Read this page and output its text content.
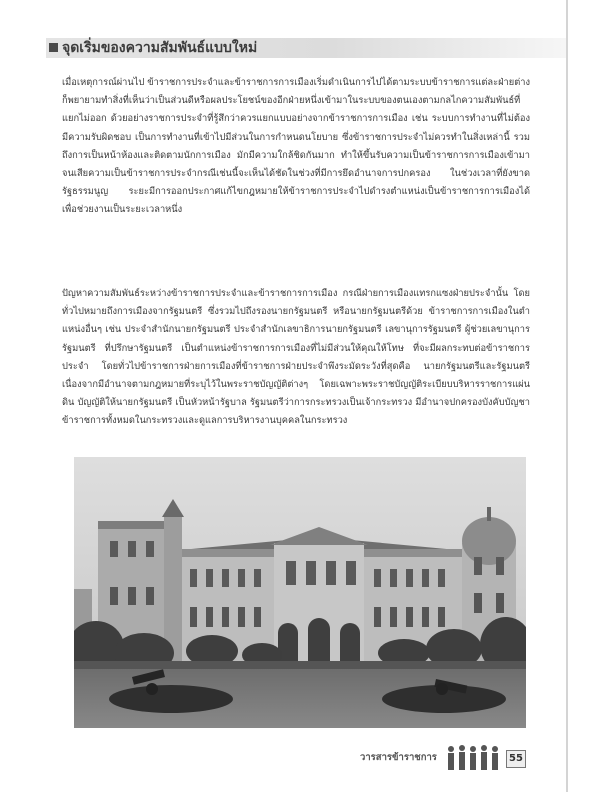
จุดเริ่มของความสัมพันธ์แบบใหม่

เมื่อเหตุการณ์ผ่านไป ข้าราชการประจำและข้าราชการการเมืองเริ่มดำเนินการไปได้ตามระบบข้าราชการแต่ละฝ่ายต่างก็พยายามทำสิ่งที่เห็นว่าเป็นส่วนดีหรือผลประโยชน์ของอีกฝ่ายหนึ่งเข้ามาในระบบของตนเองตามกลไกความสัมพันธ์ที่แยกไม่ออก ด้วยอย่างราชการประจำที่รู้สึกว่าควรแยกแบบอย่างจากข้าราชการการเมือง เช่น ระบบการทำงานที่ไม่ต้องมีความรับผิดชอบ เป็นการทำงานที่เข้าไปมีส่วนในการกำหนดนโยบาย ซึ่งข้าราชการประจำไม่ควรทำในสิ่งเหล่านี้ รวมถึงการเป็นหน้าห้องและติดตามนักการเมือง มักมีความใกล้ชิดกันมาก ทำให้ขึ้นรับความเป็นข้าราชการการเมืองเข้ามาจนเสียความเป็นข้าราชการประจำกรณีเช่นนี้จะเห็นได้ชัดในช่วงที่มีการยึดอำนาจการปกครอง ในช่วงเวลาที่ยังขาดรัฐธรรมนูญ ระยะมีการออกประกาศแก้ไขกฎหมายให้ข้าราชการประจำไปดำรงตำแหน่งเป็นข้าราชการการเมืองได้ เพื่อช่วยงานเป็นระยะเวลาหนึ่ง

ปัญหาความสัมพันธ์ระหว่างข้าราชการประจำและข้าราชการการเมือง กรณีฝ่ายการเมืองแทรกแซงฝ่ายประจำนั้น โดยทั่วไปหมายถึงการเมืองจากรัฐมนตรี ซึ่งรวมไปถึงรองนายกรัฐมนตรี หรือนายกรัฐมนตรีด้วย ข้าราชการการเมืองในตำแหน่งอื่นๆ เช่น ประจำสำนักนายกรัฐมนตรี ประจำสำนักเลขาธิการนายกรัฐมนตรี เลขานุการรัฐมนตรี ผู้ช่วยเลขานุการรัฐมนตรี ที่ปรึกษารัฐมนตรี เป็นตำแหน่งข้าราชการการเมืองที่ไม่มีส่วนให้คุณให้โทษ ที่จะมีผลกระทบต่อข้าราชการประจำ โดยทั่วไปข้าราชการฝ่ายการเมืองที่ข้าราชการฝ่ายประจำพึงระมัดระวังที่สุดคือ นายกรัฐมนตรีและรัฐมนตรี เนื่องจากมีอำนาจตามกฎหมายที่ระบุไว้ในพระราชบัญญัติต่างๆ โดยเฉพาะพระราชบัญญัติระเบียบบริหารราชการแผ่นดิน บัญญัติให้นายกรัฐมนตรี เป็นหัวหน้ารัฐบาล รัฐมนตรีว่าการกระทรวงเป็นเจ้ากระทรวง มีอำนาจปกครองบังคับบัญชาข้าราชการทั้งหมดในกระทรวงและดูแลการบริหารงานบุคคลในกระทรวง

วารสารข้าราชการ	55
